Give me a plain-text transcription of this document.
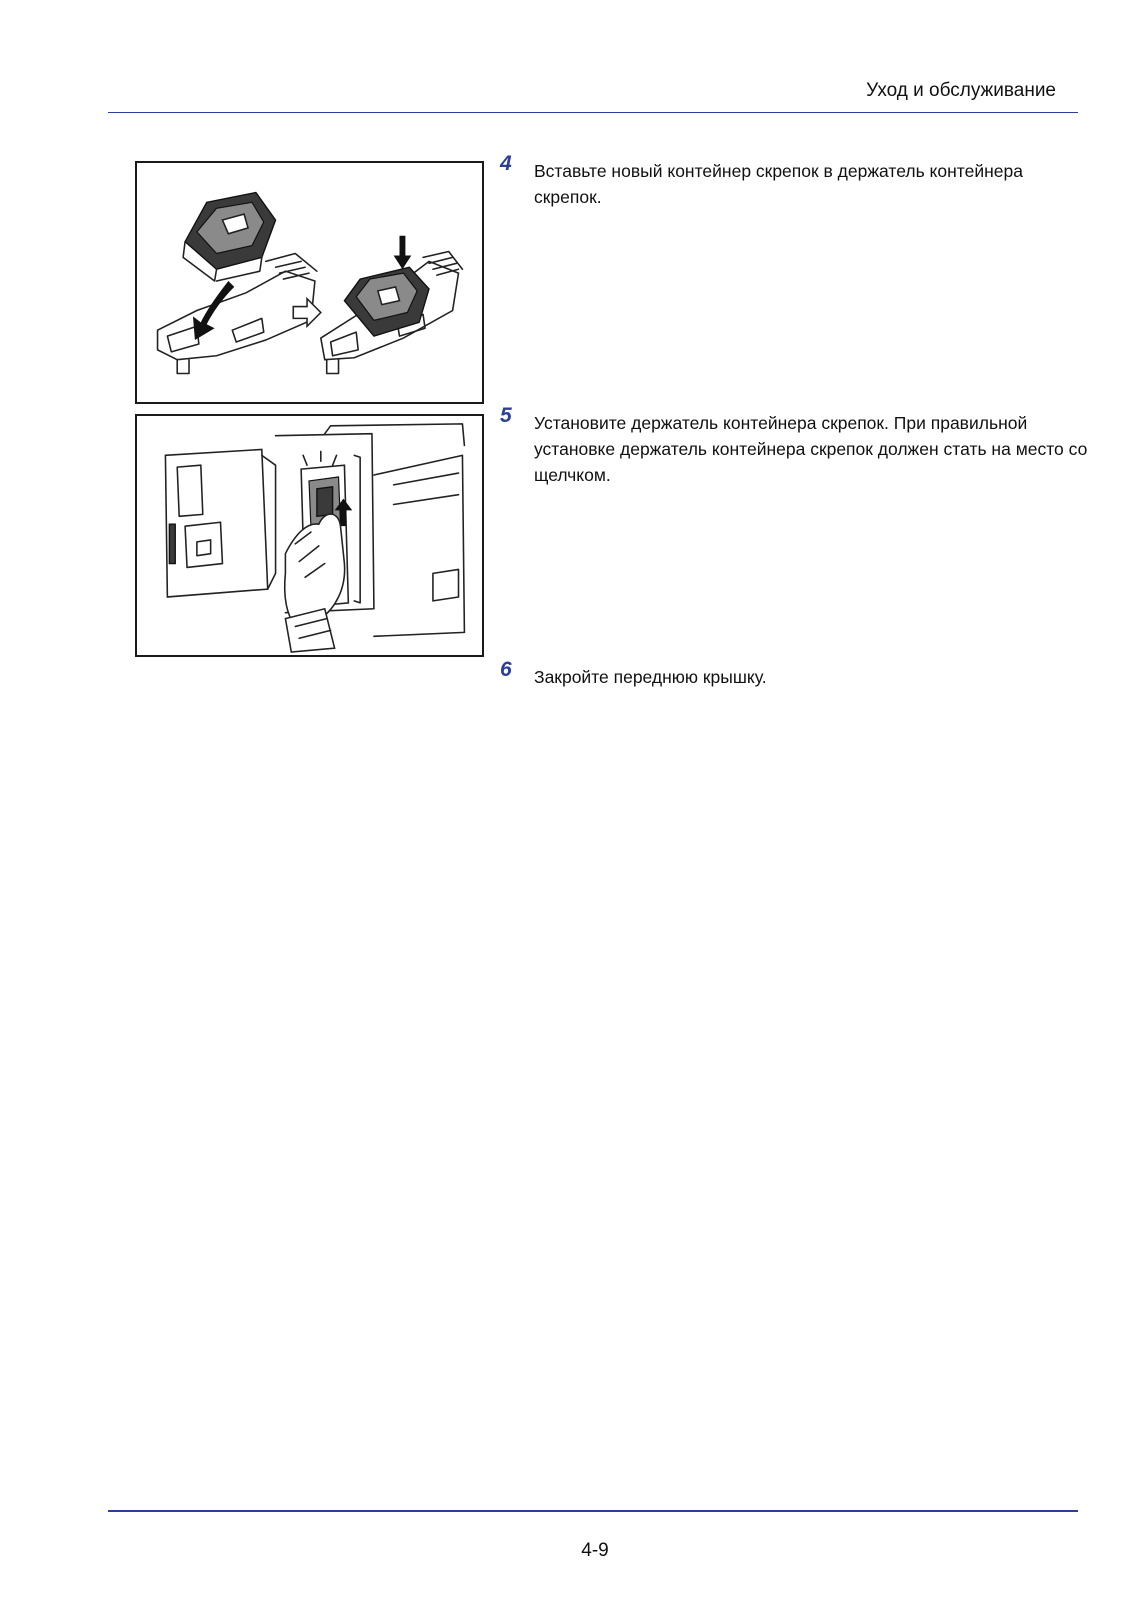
Уход и обслуживание
4 Вставьте новый контейнер скрепок в держатель контейнера скрепок.
5 Установите держатель контейнера скрепок. При правильной установке держатель контейнера скрепок должен стать на место со щелчком.
6 Закройте переднюю крышку.
4-9
